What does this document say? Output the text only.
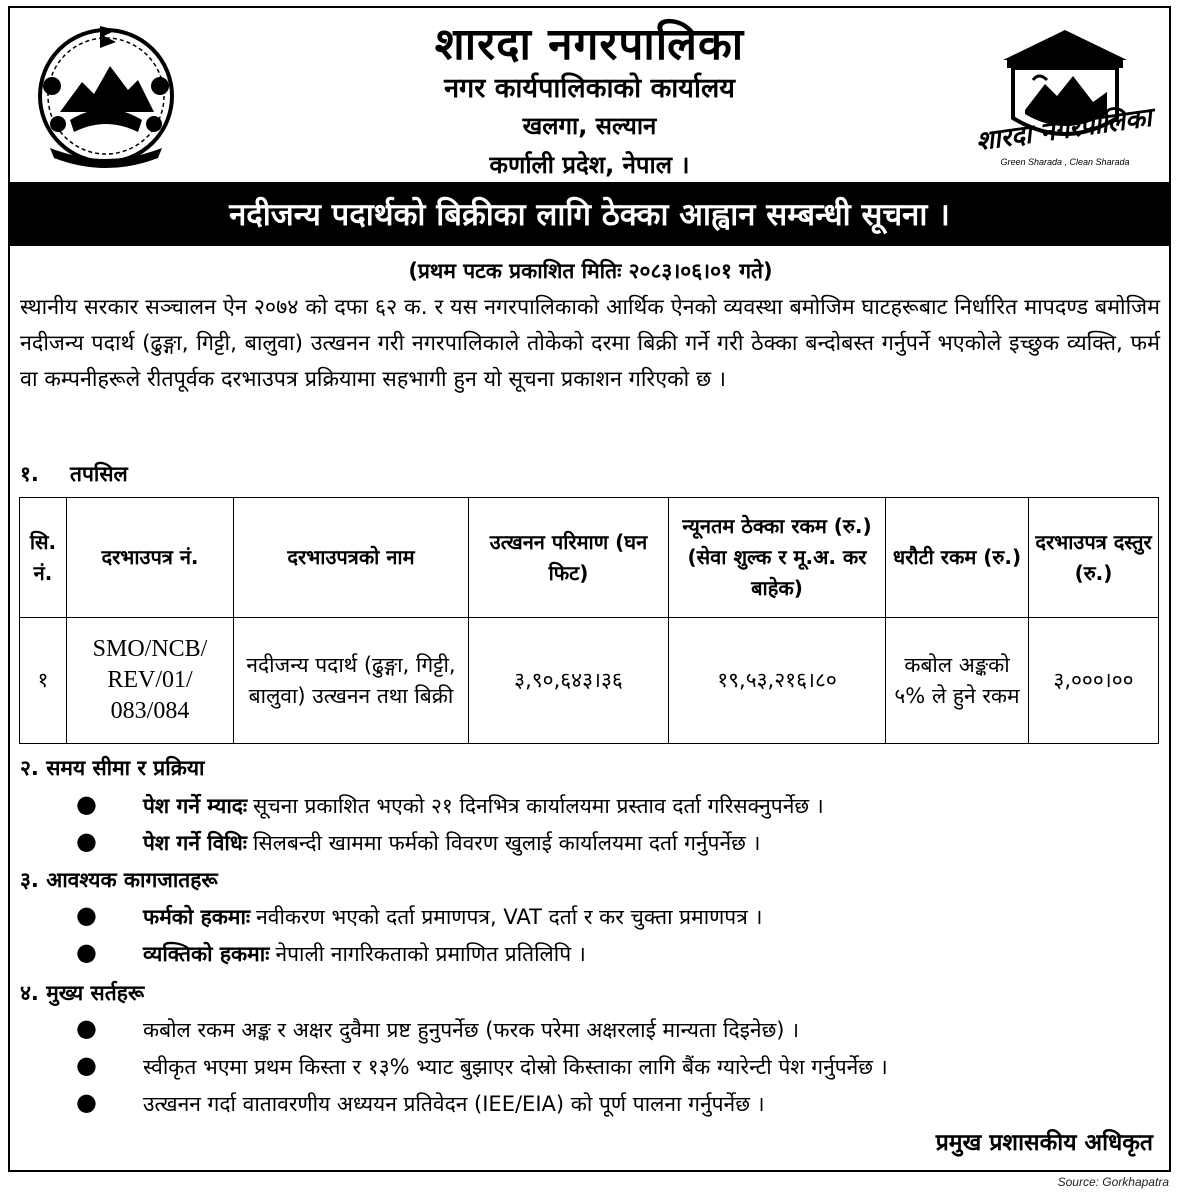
शारदा नगरपालिका
नगर कार्यपालिकाको कार्यालय
खलगा, सल्यान
कर्णाली प्रदेश, नेपाल ।
शारदा नगरपालिका
Green Sharada , Clean Sharada
नदीजन्य पदार्थको बिक्रीका लागि ठेक्का आह्वान सम्बन्धी सूचना ।
(प्रथम पटक प्रकाशित मितिः २०८३।०६।०१ गते)
स्थानीय सरकार सञ्चालन ऐन २०७४ को दफा ६२ क. र यस नगरपालिकाको आर्थिक ऐनको व्यवस्था बमोजिम घाटहरूबाट निर्धारित मापदण्ड बमोजिम नदीजन्य पदार्थ (ढुङ्गा, गिट्टी, बालुवा) उत्खनन गरी नगरपालिकाले तोकेको दरमा बिक्री गर्ने गरी ठेक्का बन्दोबस्त गर्नुपर्ने भएकोले इच्छुक व्यक्ति, फर्म वा कम्पनीहरूले रीतपूर्वक दरभाउपत्र प्रक्रियामा सहभागी हुन यो सूचना प्रकाशन गरिएको छ ।
१. तपसिल
सि. नं.	दरभाउपत्र नं.	दरभाउपत्रको नाम	उत्खनन परिमाण (घन फिट)	न्यूनतम ठेक्का रकम (रु.) (सेवा शुल्क र मू.अ. कर बाहेक)	धरौटी रकम (रु.)	दरभाउपत्र दस्तुर (रु.)
१	SMO/NCB/ REV/01/ 083/084	नदीजन्य पदार्थ (ढुङ्गा, गिट्टी, बालुवा) उत्खनन तथा बिक्री	३,९०,६४३।३६	१९,५३,२१६।८०	कबोल अङ्कको ५% ले हुने रकम	३,०००।००
२. समय सीमा र प्रक्रिया
●	पेश गर्ने म्यादः सूचना प्रकाशित भएको २१ दिनभित्र कार्यालयमा प्रस्ताव दर्ता गरिसक्नुपर्नेछ ।
●	पेश गर्ने विधिः सिलबन्दी खाममा फर्मको विवरण खुलाई कार्यालयमा दर्ता गर्नुपर्नेछ ।
३. आवश्यक कागजातहरू
●	फर्मको हकमाः नवीकरण भएको दर्ता प्रमाणपत्र, VAT दर्ता र कर चुक्ता प्रमाणपत्र ।
●	व्यक्तिको हकमाः नेपाली नागरिकताको प्रमाणित प्रतिलिपि ।
४. मुख्य सर्तहरू
●	कबोल रकम अङ्क र अक्षर दुवैमा प्रष्ट हुनुपर्नेछ (फरक परेमा अक्षरलाई मान्यता दिइनेछ) ।
●	स्वीकृत भएमा प्रथम किस्ता र १३% भ्याट बुझाएर दोस्रो किस्ताका लागि बैंक ग्यारेन्टी पेश गर्नुपर्नेछ ।
●	उत्खनन गर्दा वातावरणीय अध्ययन प्रतिवेदन (IEE/EIA) को पूर्ण पालना गर्नुपर्नेछ ।
प्रमुख प्रशासकीय अधिकृत
Source: Gorkhapatra
